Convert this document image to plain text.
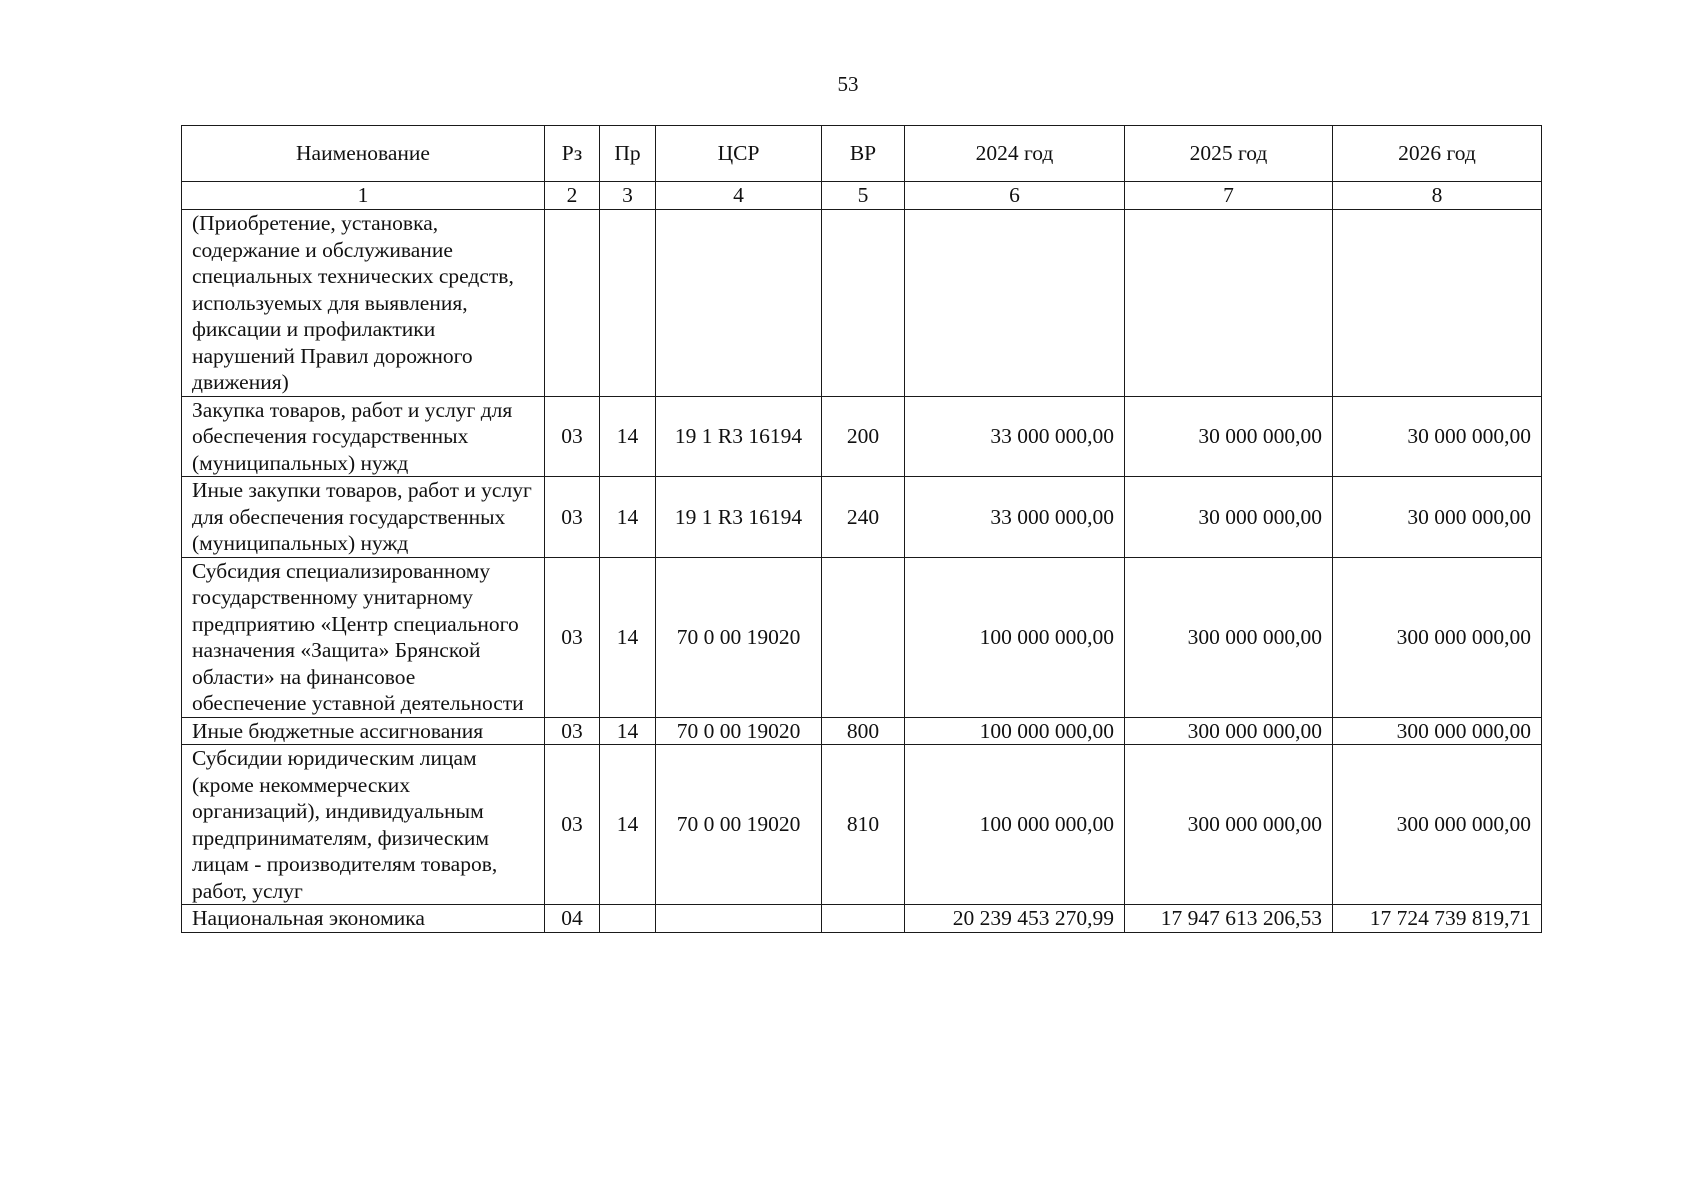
53
Наименование	Рз	Пр	ЦСР	ВР	2024 год	2025 год	2026 год
1	2	3	4	5	6	7	8
(Приобретение, установка, содержание и обслуживание специальных технических средств, используемых для выявления, фиксации и профилактики нарушений Правил дорожного движения)							
Закупка товаров, работ и услуг для обеспечения государственных (муниципальных) нужд	03	14	19 1 R3 16194	200	33 000 000,00	30 000 000,00	30 000 000,00
Иные закупки товаров, работ и услуг для обеспечения государственных (муниципальных) нужд	03	14	19 1 R3 16194	240	33 000 000,00	30 000 000,00	30 000 000,00
Субсидия специализированному государственному унитарному предприятию «Центр специального назначения «Защита» Брянской области» на финансовое обеспечение уставной деятельности	03	14	70 0 00 19020		100 000 000,00	300 000 000,00	300 000 000,00
Иные бюджетные ассигнования	03	14	70 0 00 19020	800	100 000 000,00	300 000 000,00	300 000 000,00
Субсидии юридическим лицам (кроме некоммерческих организаций), индивидуальным предпринимателям, физическим лицам - производителям товаров, работ, услуг	03	14	70 0 00 19020	810	100 000 000,00	300 000 000,00	300 000 000,00
Национальная экономика	04				20 239 453 270,99	17 947 613 206,53	17 724 739 819,71
